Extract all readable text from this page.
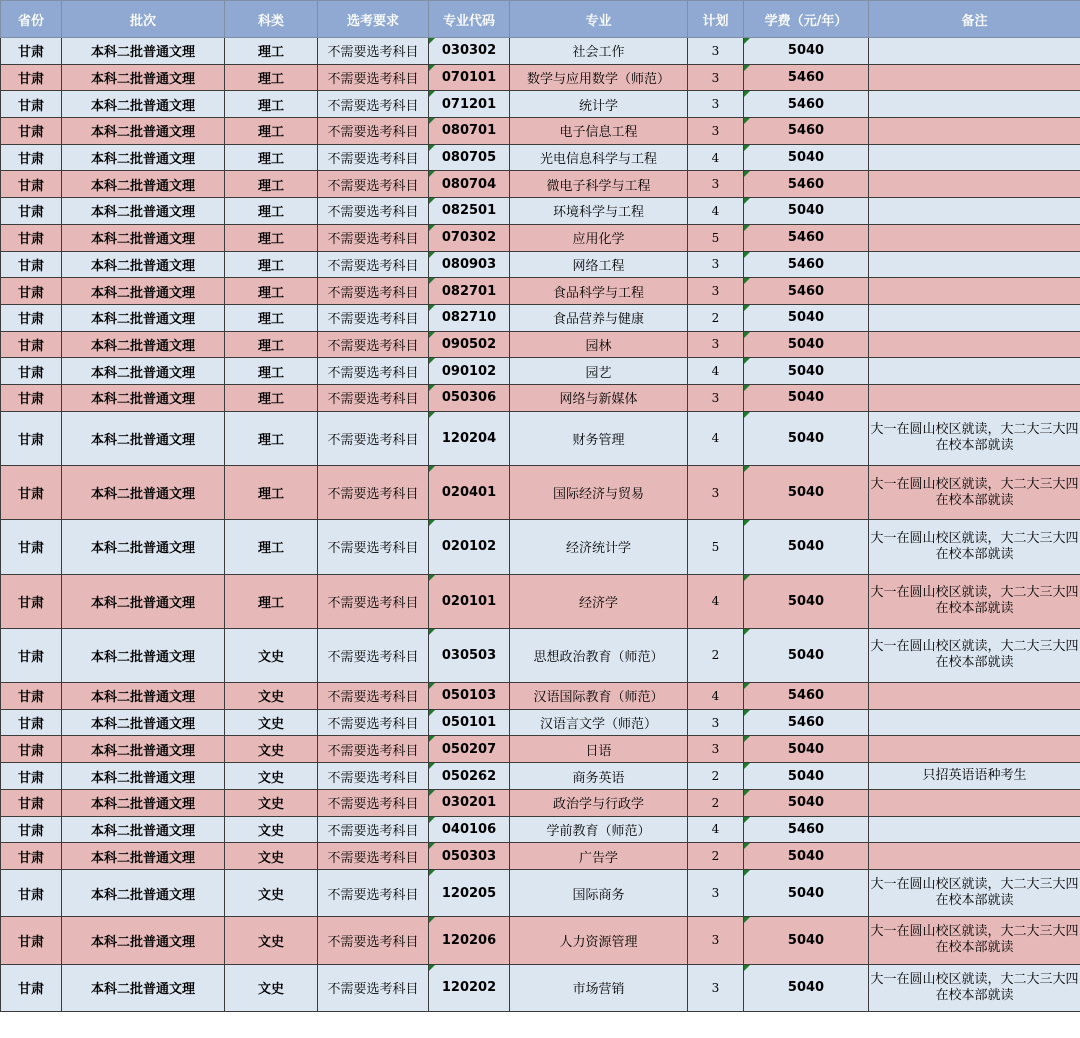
省份	批次	科类	选考要求	专业代码	专业	计划	学费（元/年）	备注
甘肃	本科二批普通文理	理工	不需要选考科目	030302	社会工作	3	5040	
甘肃	本科二批普通文理	理工	不需要选考科目	070101	数学与应用数学（师范）	3	5460	
甘肃	本科二批普通文理	理工	不需要选考科目	071201	统计学	3	5460	
甘肃	本科二批普通文理	理工	不需要选考科目	080701	电子信息工程	3	5460	
甘肃	本科二批普通文理	理工	不需要选考科目	080705	光电信息科学与工程	4	5040	
甘肃	本科二批普通文理	理工	不需要选考科目	080704	微电子科学与工程	3	5460	
甘肃	本科二批普通文理	理工	不需要选考科目	082501	环境科学与工程	4	5040	
甘肃	本科二批普通文理	理工	不需要选考科目	070302	应用化学	5	5460	
甘肃	本科二批普通文理	理工	不需要选考科目	080903	网络工程	3	5460	
甘肃	本科二批普通文理	理工	不需要选考科目	082701	食品科学与工程	3	5460	
甘肃	本科二批普通文理	理工	不需要选考科目	082710	食品营养与健康	2	5040	
甘肃	本科二批普通文理	理工	不需要选考科目	090502	园林	3	5040	
甘肃	本科二批普通文理	理工	不需要选考科目	090102	园艺	4	5040	
甘肃	本科二批普通文理	理工	不需要选考科目	050306	网络与新媒体	3	5040	
甘肃	本科二批普通文理	理工	不需要选考科目	120204	财务管理	4	5040	大一在圆山校区就读，大二大三大四在校本部就读
甘肃	本科二批普通文理	理工	不需要选考科目	020401	国际经济与贸易	3	5040	大一在圆山校区就读，大二大三大四在校本部就读
甘肃	本科二批普通文理	理工	不需要选考科目	020102	经济统计学	5	5040	大一在圆山校区就读，大二大三大四在校本部就读
甘肃	本科二批普通文理	理工	不需要选考科目	020101	经济学	4	5040	大一在圆山校区就读，大二大三大四在校本部就读
甘肃	本科二批普通文理	文史	不需要选考科目	030503	思想政治教育（师范）	2	5040	大一在圆山校区就读，大二大三大四在校本部就读
甘肃	本科二批普通文理	文史	不需要选考科目	050103	汉语国际教育（师范）	4	5460	
甘肃	本科二批普通文理	文史	不需要选考科目	050101	汉语言文学（师范）	3	5460	
甘肃	本科二批普通文理	文史	不需要选考科目	050207	日语	3	5040	
甘肃	本科二批普通文理	文史	不需要选考科目	050262	商务英语	2	5040	只招英语语种考生
甘肃	本科二批普通文理	文史	不需要选考科目	030201	政治学与行政学	2	5040	
甘肃	本科二批普通文理	文史	不需要选考科目	040106	学前教育（师范）	4	5460	
甘肃	本科二批普通文理	文史	不需要选考科目	050303	广告学	2	5040	
甘肃	本科二批普通文理	文史	不需要选考科目	120205	国际商务	3	5040	大一在圆山校区就读，大二大三大四在校本部就读
甘肃	本科二批普通文理	文史	不需要选考科目	120206	人力资源管理	3	5040	大一在圆山校区就读，大二大三大四在校本部就读
甘肃	本科二批普通文理	文史	不需要选考科目	120202	市场营销	3	5040	大一在圆山校区就读，大二大三大四在校本部就读
